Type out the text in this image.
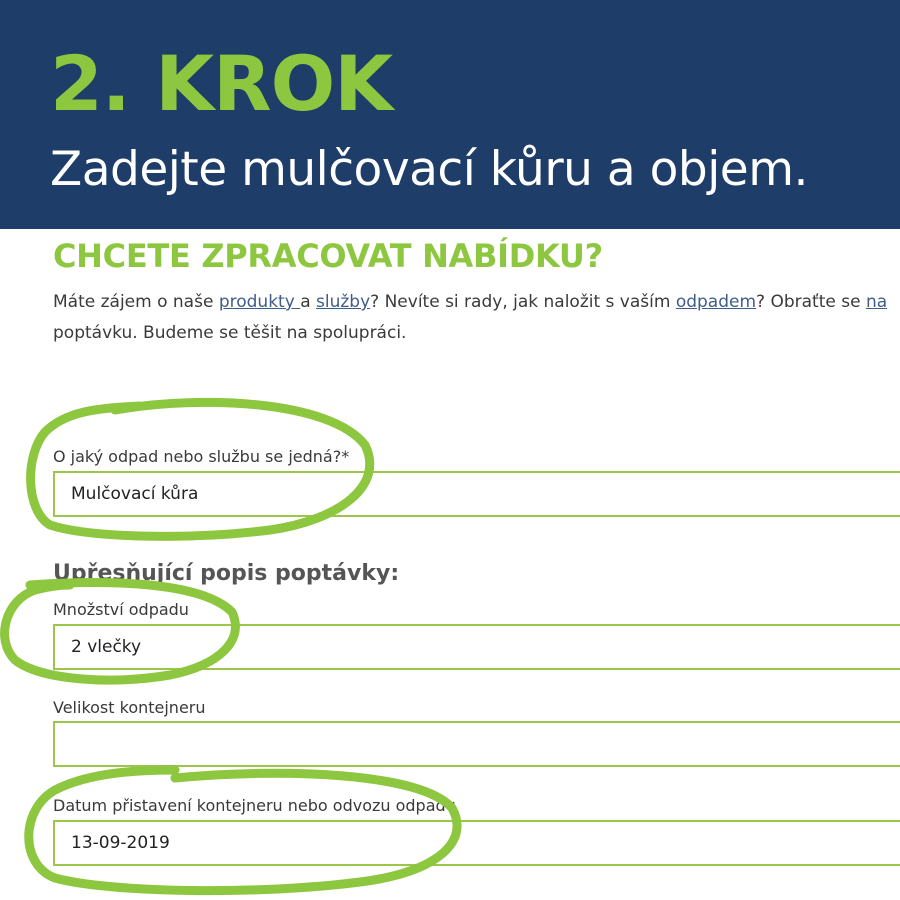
2. KROK
Zadejte mulčovací kůru a objem.
CHCETE ZPRACOVAT NABÍDKU?
Máte zájem o naše produkty a služby? Nevíte si rady, jak naložit s vaším odpadem? Obraťte se na
poptávku. Budeme se těšit na spolupráci.
O jaký odpad nebo službu se jedná?*
Mulčovací kůra
Upřesňující popis poptávky:
Množství odpadu
2 vlečky
Velikost kontejneru
Datum přistavení kontejneru nebo odvozu odpadu
13-09-2019
